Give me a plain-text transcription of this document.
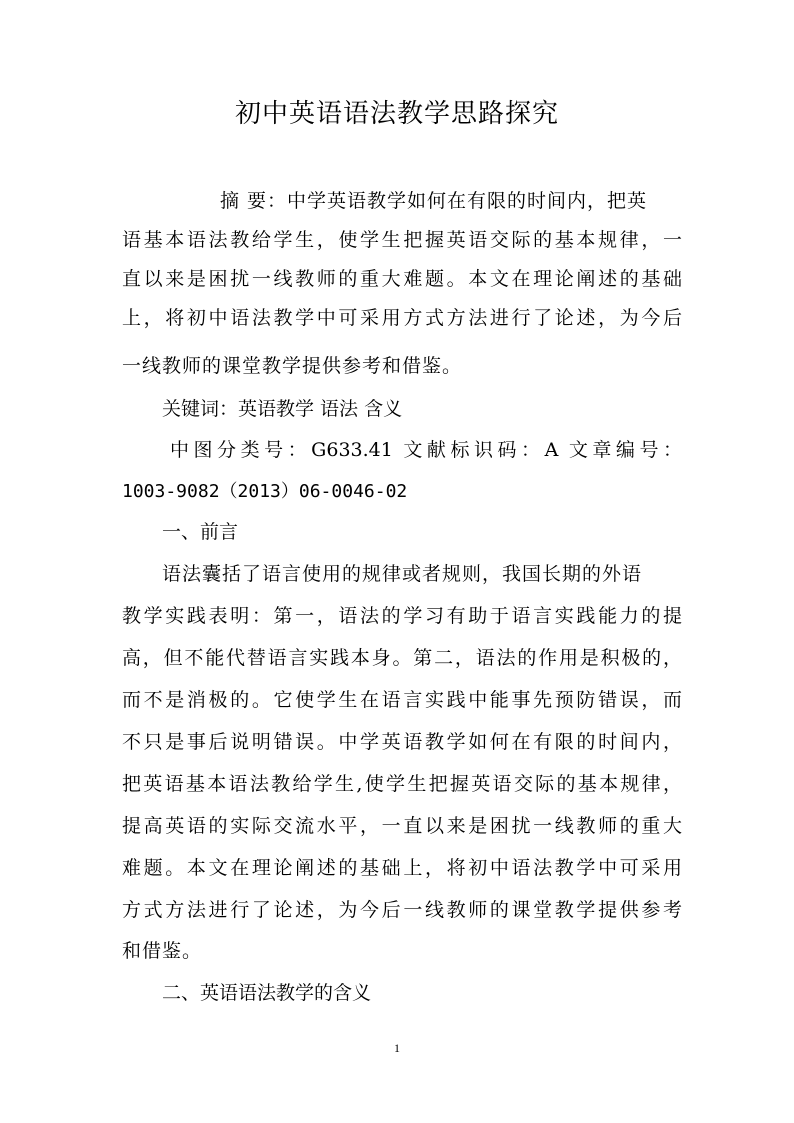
初中英语语法教学思路探究
摘 要：中学英语教学如何在有限的时间内，把英
语基本语法教给学生，使学生把握英语交际的基本规律，一
直以来是困扰一线教师的重大难题。本文在理论阐述的基础
上，将初中语法教学中可采用方式方法进行了论述，为今后
一线教师的课堂教学提供参考和借鉴。
关键词：英语教学 语法 含义
中图分类号：G633.41 文献标识码：A 文章编号：
1003-9082（2013）06-0046-02
一、前言
语法囊括了语言使用的规律或者规则，我国长期的外语
教学实践表明：第一，语法的学习有助于语言实践能力的提
高，但不能代替语言实践本身。第二，语法的作用是积极的，
而不是消极的。它使学生在语言实践中能事先预防错误，而
不只是事后说明错误。中学英语教学如何在有限的时间内，
把英语基本语法教给学生,使学生把握英语交际的基本规律，
提高英语的实际交流水平，一直以来是困扰一线教师的重大
难题。本文在理论阐述的基础上，将初中语法教学中可采用
方式方法进行了论述，为今后一线教师的课堂教学提供参考
和借鉴。
二、英语语法教学的含义
1
